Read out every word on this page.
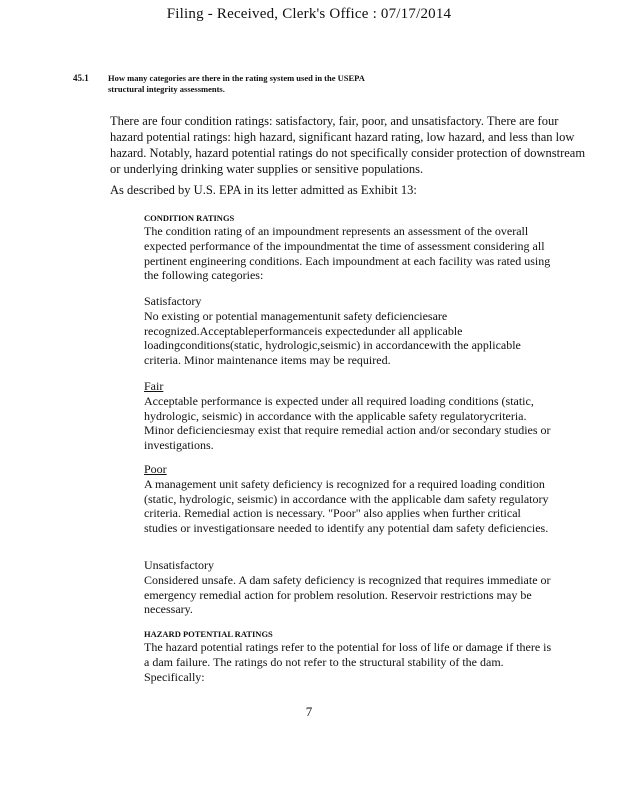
Filing - Received, Clerk's Office : 07/17/2014
45.1 How many categories are there in the rating system used in the USEPA structural integrity assessments.
There are four condition ratings: satisfactory, fair, poor, and unsatisfactory. There are four hazard potential ratings: high hazard, significant hazard rating, low hazard, and less than low hazard. Notably, hazard potential ratings do not specifically consider protection of downstream or underlying drinking water supplies or sensitive populations.
As described by U.S. EPA in its letter admitted as Exhibit 13:
CONDITION RATINGS
The condition rating of an impoundment represents an assessment of the overall expected performance of the impoundmentat the time of assessment considering all pertinent engineering conditions. Each impoundment at each facility was rated using the following categories:
Satisfactory
No existing or potential managementunit safety deficienciesare recognized.Acceptableperformanceis expectedunder all applicable loadingconditions(static, hydrologic,seismic) in accordancewith the applicable criteria. Minor maintenance items may be required.
Fair
Acceptable performance is expected under all required loading conditions (static, hydrologic, seismic) in accordance with the applicable safety regulatorycriteria. Minor deficienciesmay exist that require remedial action and/or secondary studies or investigations.
Poor
A management unit safety deficiency is recognized for a required loading condition (static, hydrologic, seismic) in accordance with the applicable dam safety regulatory criteria. Remedial action is necessary. "Poor" also applies when further critical studies or investigationsare needed to identify any potential dam safety deficiencies.
Unsatisfactory
Considered unsafe. A dam safety deficiency is recognized that requires immediate or emergency remedial action for problem resolution. Reservoir restrictions may be necessary.
HAZARD POTENTIAL RATINGS
The hazard potential ratings refer to the potential for loss of life or damage if there is a dam failure. The ratings do not refer to the structural stability of the dam. Specifically:
7
